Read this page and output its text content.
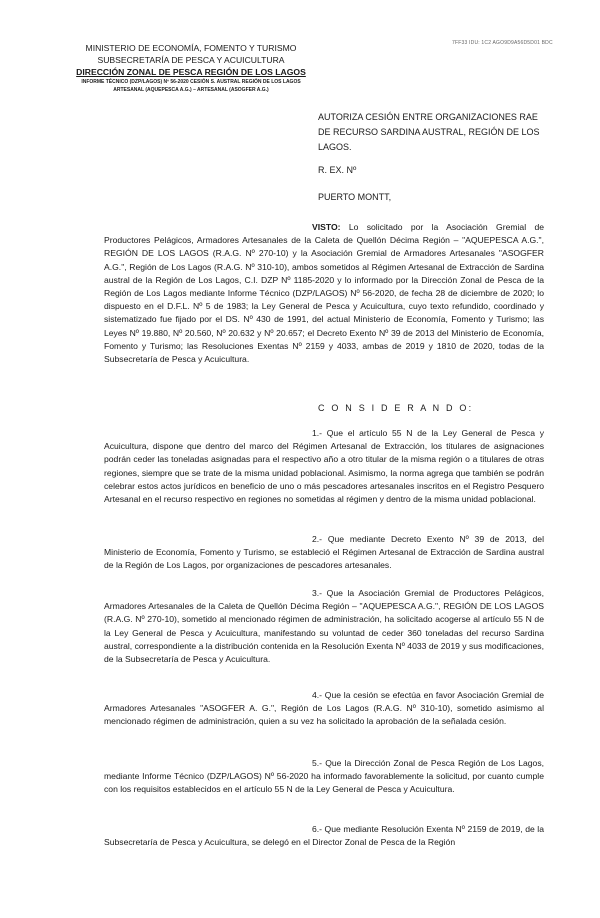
7FF33 IDU: 1C2 AGO9D9A56D5D01 BDC
MINISTERIO DE ECONOMÍA, FOMENTO Y TURISMO
SUBSECRETARÍA DE PESCA Y ACUICULTURA
DIRECCIÓN ZONAL DE PESCA REGIÓN DE LOS LAGOS
INFORME TÉCNICO (DZP/LAGOS) Nº 56-2020 CESIÓN S. AUSTRAL REGIÓN DE LOS LAGOS
ARTESANAL (AQUEPESCA A.G.) – ARTESANAL (ASOGFER A.G.)
AUTORIZA CESIÓN ENTRE ORGANIZACIONES RAE DE RECURSO SARDINA AUSTRAL, REGIÓN DE LOS LAGOS.
R. EX. Nº
PUERTO MONTT,

VISTO: Lo solicitado por la Asociación Gremial de Productores Pelágicos, Armadores Artesanales de la Caleta de Quellón Décima Región – "AQUEPESCA A.G.", REGIÓN DE LOS LAGOS (R.A.G. Nº 270-10) y la Asociación Gremial de Armadores Artesanales "ASOGFER A.G.", Región de Los Lagos (R.A.G. Nº 310-10), ambos sometidos al Régimen Artesanal de Extracción de Sardina austral de la Región de Los Lagos, C.I. DZP Nº 1185-2020 y lo informado por la Dirección Zonal de Pesca de la Región de Los Lagos mediante Informe Técnico (DZP/LAGOS) Nº 56-2020, de fecha 28 de diciembre de 2020; lo dispuesto en el D.F.L. Nº 5 de 1983; la Ley General de Pesca y Acuicultura, cuyo texto refundido, coordinado y sistematizado fue fijado por el DS. Nº 430 de 1991, del actual Ministerio de Economía, Fomento y Turismo; las Leyes Nº 19.880, Nº 20.560, Nº 20.632 y Nº 20.657; el Decreto Exento Nº 39 de 2013 del Ministerio de Economía, Fomento y Turismo; las Resoluciones Exentas Nº 2159 y 4033, ambas de 2019 y 1810 de 2020, todas de la Subsecretaría de Pesca y Acuicultura.

C O N S I D E R A N D O:

1.- Que el artículo 55 N de la Ley General de Pesca y Acuicultura, dispone que dentro del marco del Régimen Artesanal de Extracción, los titulares de asignaciones podrán ceder las toneladas asignadas para el respectivo año a otro titular de la misma región o a titulares de otras regiones, siempre que se trate de la misma unidad poblacional. Asimismo, la norma agrega que también se podrán celebrar estos actos jurídicos en beneficio de uno o más pescadores artesanales inscritos en el Registro Pesquero Artesanal en el recurso respectivo en regiones no sometidas al régimen y dentro de la misma unidad poblacional.

2.- Que mediante Decreto Exento Nº 39 de 2013, del Ministerio de Economía, Fomento y Turismo, se estableció el Régimen Artesanal de Extracción de Sardina austral de la Región de Los Lagos, por organizaciones de pescadores artesanales.

3.- Que la Asociación Gremial de Productores Pelágicos, Armadores Artesanales de la Caleta de Quellón Décima Región – "AQUEPESCA A.G.", REGIÓN DE LOS LAGOS (R.A.G. Nº 270-10), sometido al mencionado régimen de administración, ha solicitado acogerse al artículo 55 N de la Ley General de Pesca y Acuicultura, manifestando su voluntad de ceder 360 toneladas del recurso Sardina austral, correspondiente a la distribución contenida en la Resolución Exenta Nº 4033 de 2019 y sus modificaciones, de la Subsecretaría de Pesca y Acuicultura.

4.- Que la cesión se efectúa en favor Asociación Gremial de Armadores Artesanales "ASOGFER A. G.", Región de Los Lagos (R.A.G. Nº 310-10), sometido asimismo al mencionado régimen de administración, quien a su vez ha solicitado la aprobación de la señalada cesión.

5.- Que la Dirección Zonal de Pesca Región de Los Lagos, mediante Informe Técnico (DZP/LAGOS) Nº 56-2020 ha informado favorablemente la solicitud, por cuanto cumple con los requisitos establecidos en el artículo 55 N de la Ley General de Pesca y Acuicultura.

6.- Que mediante Resolución Exenta Nº 2159 de 2019, de la Subsecretaría de Pesca y Acuicultura, se delegó en el Director Zonal de Pesca de la Región
